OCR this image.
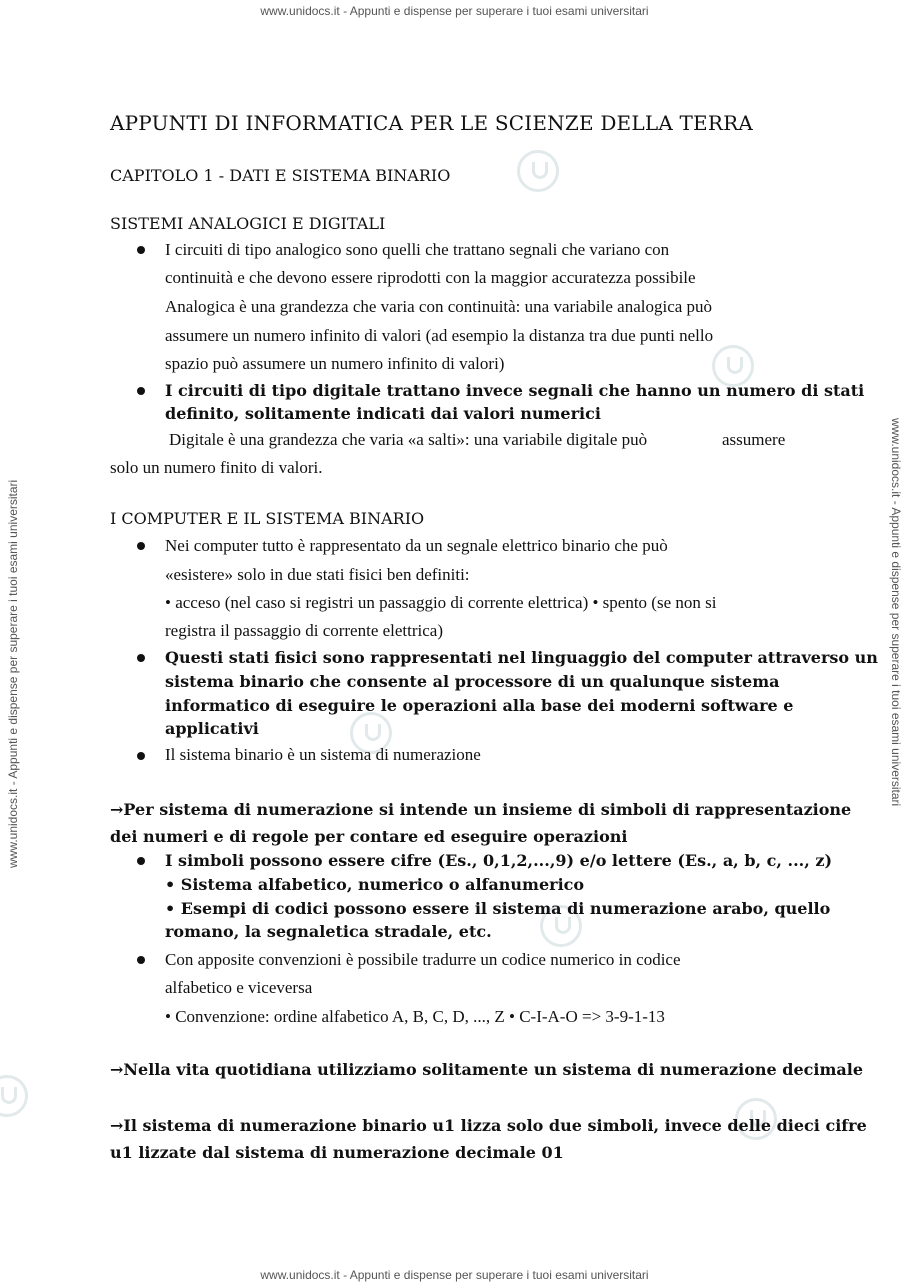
www.unidocs.it - Appunti e dispense per superare i tuoi esami universitari
www.unidocs.it - Appunti e dispense per superare i tuoi esami universitari
www.unidocs.it - Appunti e dispense per superare i tuoi esami universitari	www.unidocs.it - Appunti e dispense per superare i tuoi esami universitari
APPUNTI DI INFORMATICA PER LE SCIENZE DELLA TERRA
CAPITOLO 1 - DATI E SISTEMA BINARIO
SISTEMI ANALOGICI E DIGITALI
I circuiti di tipo analogico sono quelli che trattano segnali che variano con
continuità e che devono essere riprodotti con la maggior accuratezza possibile
Analogica è una grandezza che varia con continuità: una variabile analogica può
assumere un numero infinito di valori (ad esempio la distanza tra due punti nello
spazio può assumere un numero infinito di valori)
I circuiti di tipo digitale trattano invece segnali che hanno un numero di stati
definito, solitamente indicati dai valori numerici
Digitale è una grandezza che varia «a salti»: una variabile digitale può	assumere
solo un numero finito di valori.
I COMPUTER E IL SISTEMA BINARIO
Nei computer tutto è rappresentato da un segnale elettrico binario che può
«esistere» solo in due stati fisici ben definiti:
• acceso (nel caso si registri un passaggio di corrente elettrica) • spento (se non si
registra il passaggio di corrente elettrica)
Questi stati fisici sono rappresentati nel linguaggio del computer attraverso un
sistema binario che consente al processore di un qualunque sistema
informatico di eseguire le operazioni alla base dei moderni software e
applicativi
Il sistema binario è un sistema di numerazione
→Per sistema di numerazione si intende un insieme di simboli di rappresentazione
dei numeri e di regole per contare ed eseguire operazioni
I simboli possono essere cifre (Es., 0,1,2,...,9) e/o lettere (Es., a, b, c, ..., z)
• Sistema alfabetico, numerico o alfanumerico
• Esempi di codici possono essere il sistema di numerazione arabo, quello
romano, la segnaletica stradale, etc.
Con apposite convenzioni è possibile tradurre un codice numerico in codice
alfabetico e viceversa
• Convenzione: ordine alfabetico A, B, C, D, ..., Z • C-I-A-O => 3-9-1-13
→Nella vita quotidiana utilizziamo solitamente un sistema di numerazione decimale
→Il sistema di numerazione binario u1 lizza solo due simboli, invece delle dieci cifre
u1 lizzate dal sistema di numerazione decimale 01
